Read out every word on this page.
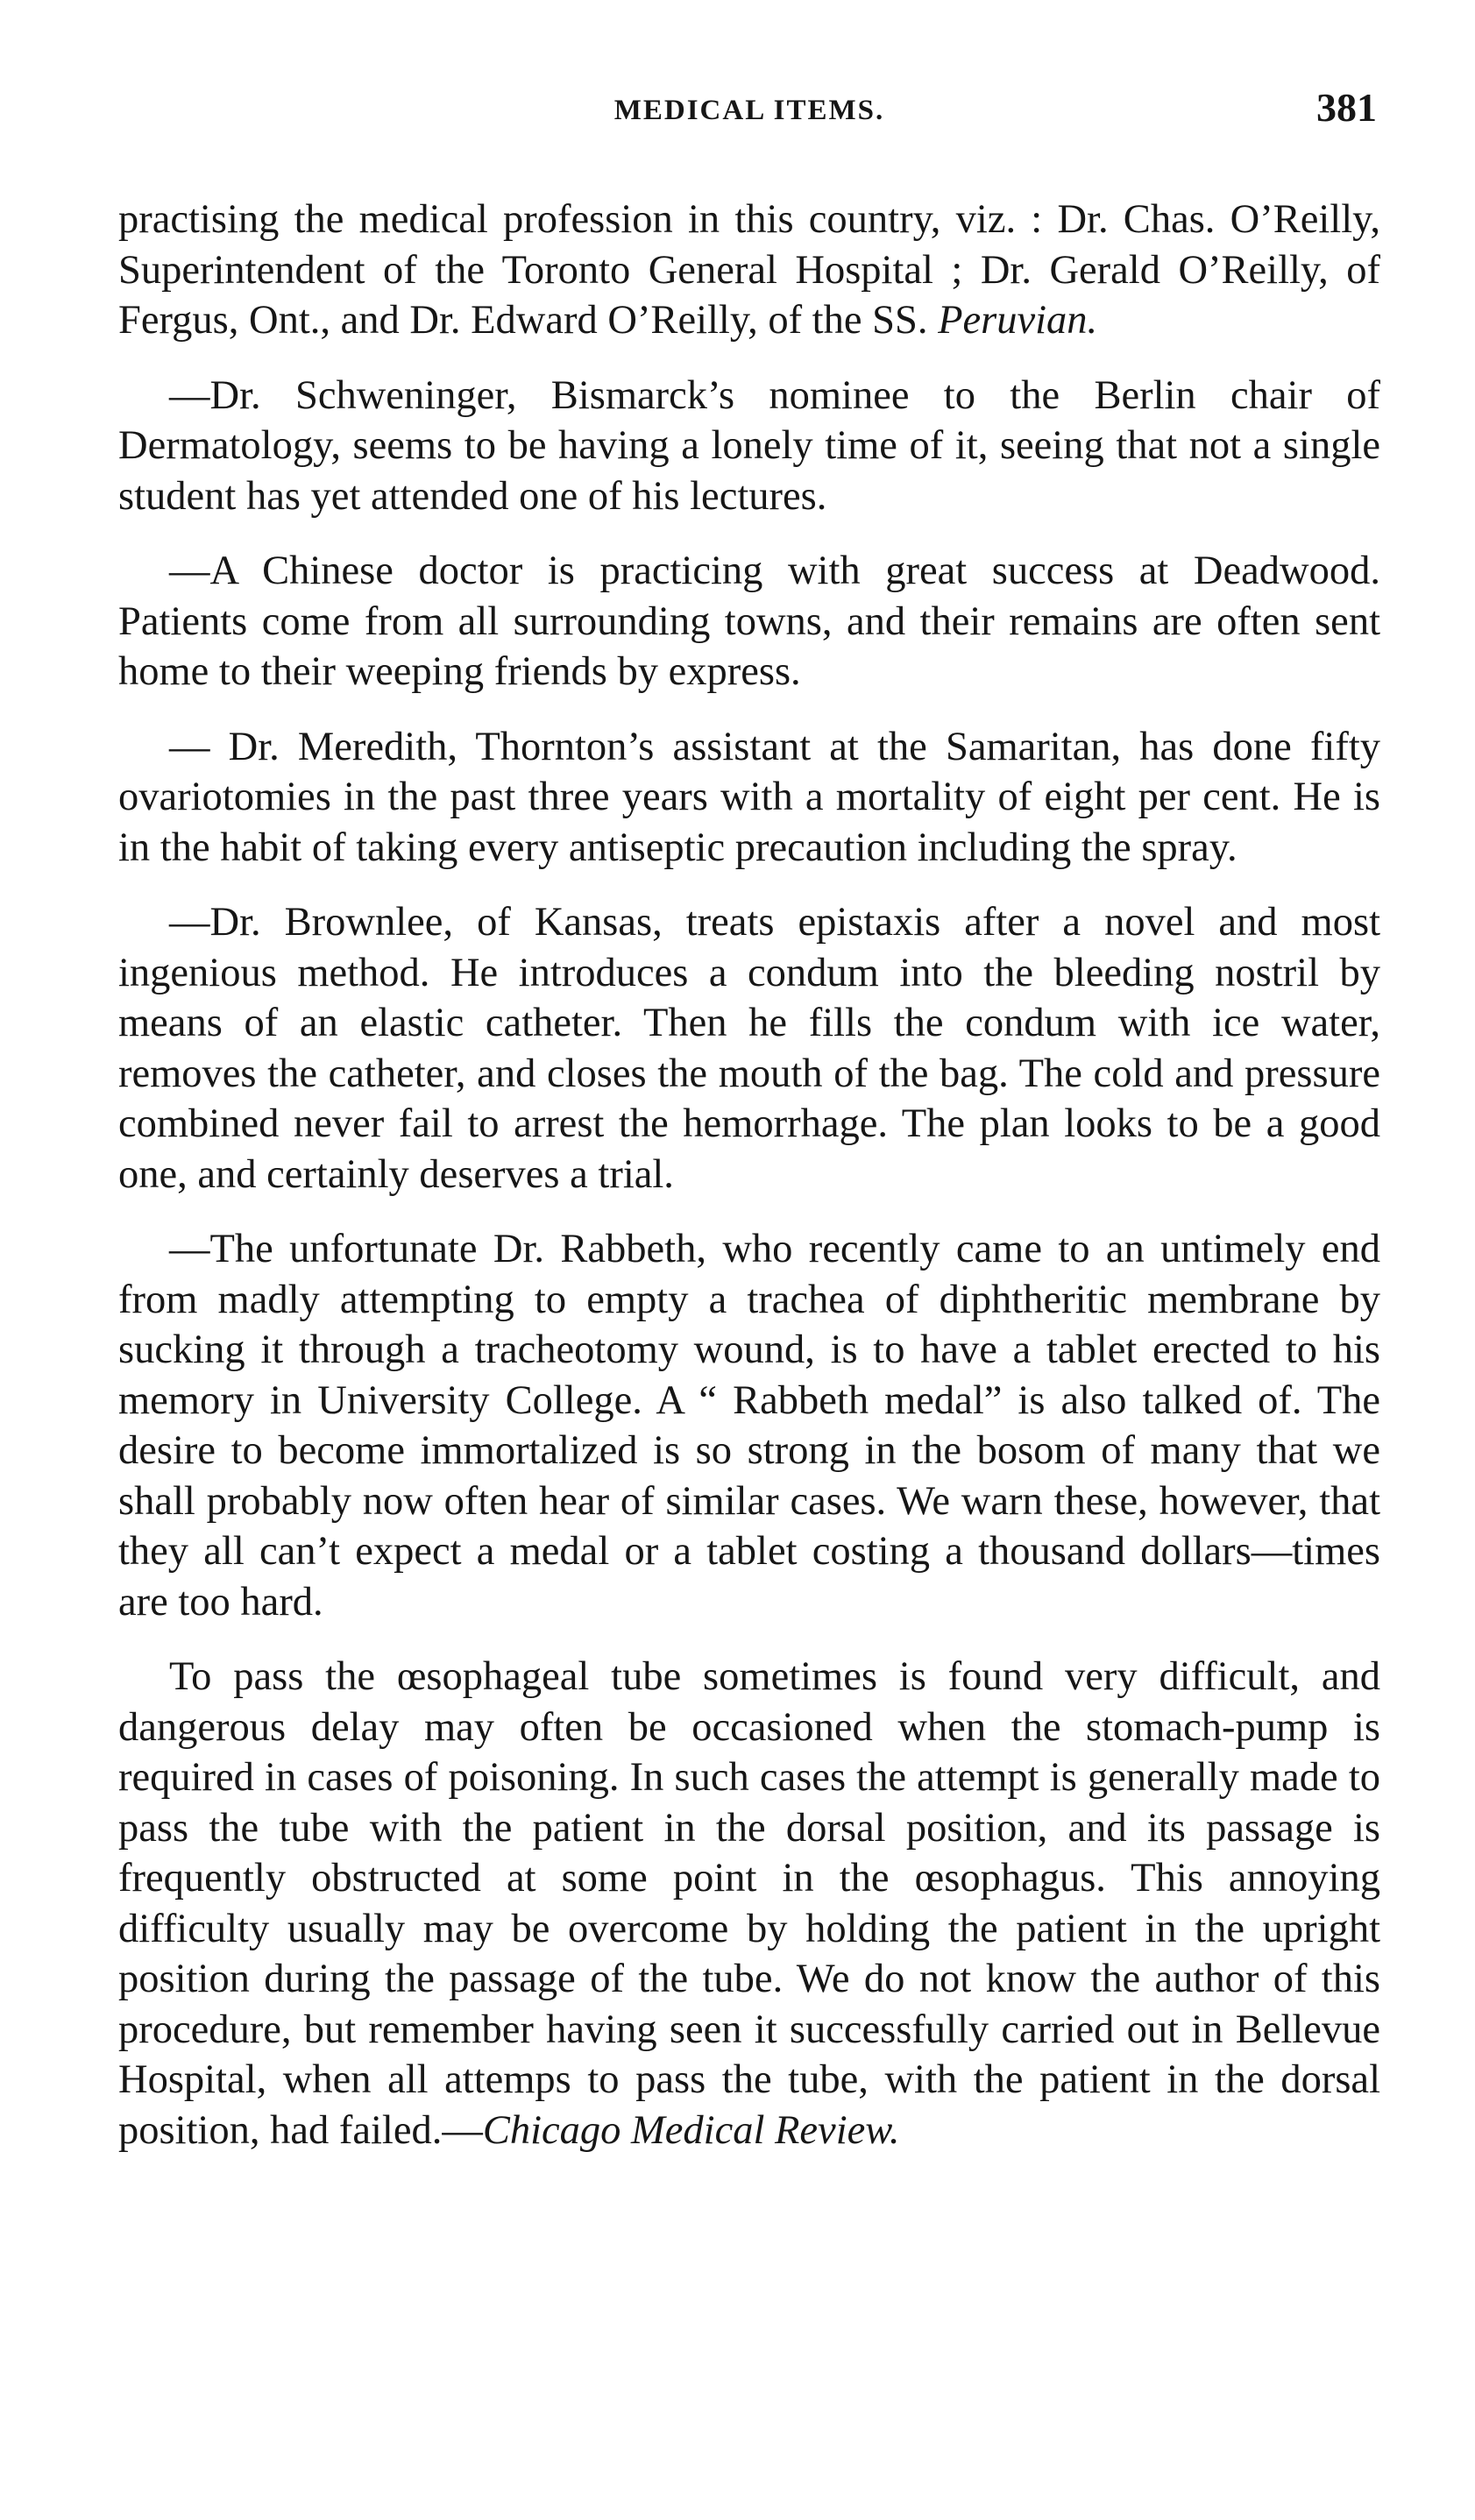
MEDICAL ITEMS.	381

practising the medical profession in this country, viz. : Dr. Chas. O’Reilly, Superintendent of the Toronto General Hospital ; Dr. Gerald O’Reilly, of Fergus, Ont., and Dr. Edward O’Reilly, of the SS. Peruvian.

—Dr. Schweninger, Bismarck’s nominee to the Berlin chair of Dermatology, seems to be having a lonely time of it, seeing that not a single student has yet attended one of his lectures.

—A Chinese doctor is practicing with great success at Deadwood. Patients come from all surrounding towns, and their remains are often sent home to their weeping friends by express.

— Dr. Meredith, Thornton’s assistant at the Samaritan, has done fifty ovariotomies in the past three years with a mortality of eight per cent. He is in the habit of taking every antiseptic precaution including the spray.

—Dr. Brownlee, of Kansas, treats epistaxis after a novel and most ingenious method. He introduces a condum into the bleeding nostril by means of an elastic catheter. Then he fills the condum with ice water, removes the catheter, and closes the mouth of the bag. The cold and pressure combined never fail to arrest the hemorrhage. The plan looks to be a good one, and certainly deserves a trial.

—The unfortunate Dr. Rabbeth, who recently came to an untimely end from madly attempting to empty a trachea of diphtheritic membrane by sucking it through a tracheotomy wound, is to have a tablet erected to his memory in University College. A “ Rabbeth medal” is also talked of. The desire to become immortalized is so strong in the bosom of many that we shall probably now often hear of similar cases. We warn these, however, that they all can’t expect a medal or a tablet costing a thousand dollars—times are too hard.

To pass the œsophageal tube sometimes is found very difficult, and dangerous delay may often be occasioned when the stomach-pump is required in cases of poisoning. In such cases the attempt is generally made to pass the tube with the patient in the dorsal position, and its passage is frequently obstructed at some point in the œsophagus. This annoying difficulty usually may be overcome by holding the patient in the upright position during the passage of the tube. We do not know the author of this procedure, but remember having seen it successfully carried out in Bellevue Hospital, when all attemps to pass the tube, with the patient in the dorsal position, had failed.—Chicago Medical Review.
